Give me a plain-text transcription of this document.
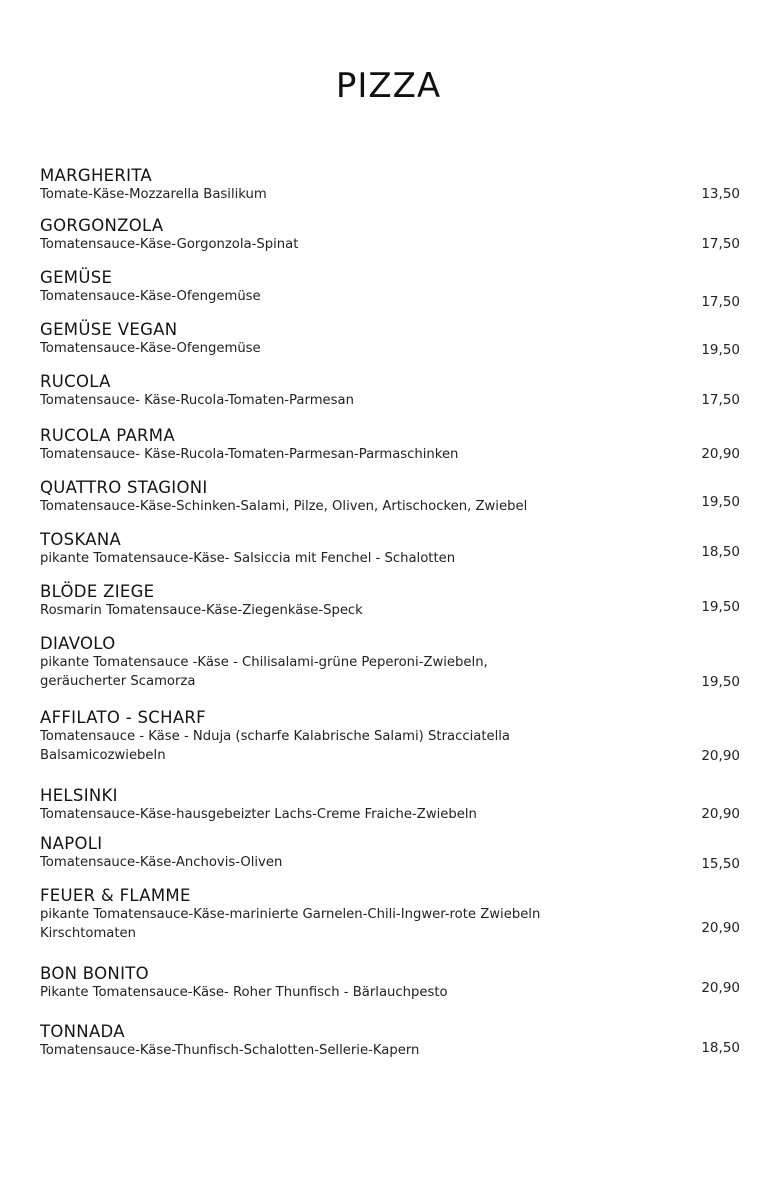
PIZZA
MARGHERITA
Tomate-Käse-Mozzarella Basilikum	13,50
GORGONZOLA
Tomatensauce-Käse-Gorgonzola-Spinat	17,50
GEMÜSE
Tomatensauce-Käse-Ofengemüse	17,50
GEMÜSE VEGAN
Tomatensauce-Käse-Ofengemüse	19,50
RUCOLA
Tomatensauce- Käse-Rucola-Tomaten-Parmesan	17,50
RUCOLA PARMA
Tomatensauce- Käse-Rucola-Tomaten-Parmesan-Parmaschinken	20,90
QUATTRO STAGIONI
Tomatensauce-Käse-Schinken-Salami, Pilze, Oliven, Artischocken, Zwiebel	19,50
TOSKANA
pikante Tomatensauce-Käse- Salsiccia mit Fenchel - Schalotten	18,50
BLÖDE ZIEGE
Rosmarin Tomatensauce-Käse-Ziegenkäse-Speck	19,50
DIAVOLO
pikante Tomatensauce -Käse - Chilisalami-grüne Peperoni-Zwiebeln,
geräucherter Scamorza	19,50
AFFILATO - SCHARF
Tomatensauce - Käse - Nduja (scharfe Kalabrische Salami) Stracciatella
Balsamicozwiebeln	20,90
HELSINKI
Tomatensauce-Käse-hausgebeizter Lachs-Creme Fraiche-Zwiebeln	20,90
NAPOLI
Tomatensauce-Käse-Anchovis-Oliven	15,50
FEUER & FLAMME
pikante Tomatensauce-Käse-marinierte Garnelen-Chili-Ingwer-rote Zwiebeln
Kirschtomaten	20,90
BON BONITO
Pikante Tomatensauce-Käse- Roher Thunfisch - Bärlauchpesto	20,90
TONNADA
Tomatensauce-Käse-Thunfisch-Schalotten-Sellerie-Kapern	18,50
